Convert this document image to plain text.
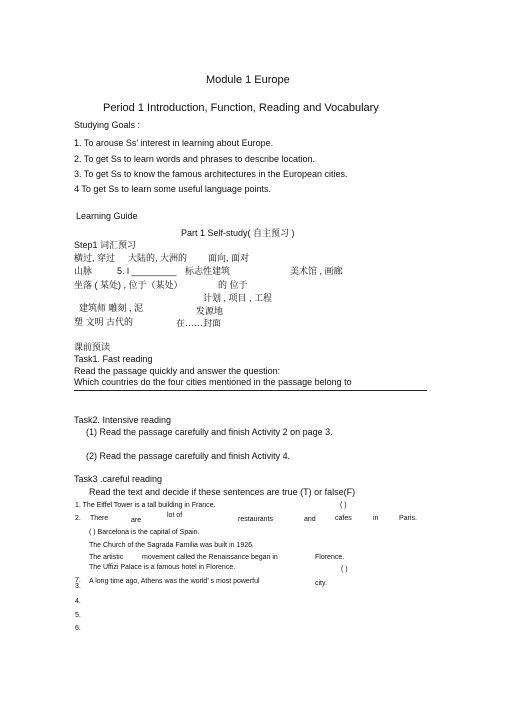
Module 1 Europe
Period 1 Introduction, Function, Reading and Vocabulary
Studying Goals :
1. To arouse Ss’ interest in learning about Europe.
2. To get Ss to learn words and phrases to describe location.
3. To get Ss to know the famous architectures in the European cities.
4 To get Ss to learn some useful language points.
Learning Guide
Part 1 Self-study( 自主预习 )
Step1 词汇预习
横过, 穿过 大陆的, 大洲的 面向, 面对
山脉	5. l _________ 标志性建筑	美术馆 , 画廊
坐落 ( 某处) , 位于（某处）	的 位于
计划 , 项目 , 工程
建筑师 雕刻 , 泥	发源地
塑 文明 古代的	在……封面
课前预读
Task1. Fast reading
Read the passage quickly and answer the question:
Which countries do the four cities mentioned in the passage belong to
Task2. Intensive reading
(1) Read the passage carefully and finish Activity 2 on page 3.
(2) Read the passage carefully and finish Activity 4.
Task3 .careful reading
Read the text and decide if these sentences are true (T) or false(F)
1. The Eiffel Tower is a tall building in France.	( )
2. There	are
lot of
restaurants	and	cafes	in	Paris.
( ) Barcelona is the capital of Spain.
The Church of the Sagrada Familia was built in 1926.
The artistic	movement called the Renaissance began in	Florence.
The Uffizi Palace is a famous hotel in Florence.	( )
7.
3.
A long time ago, Athens was the world’ s most powerful	city.
4.
5.
6.
